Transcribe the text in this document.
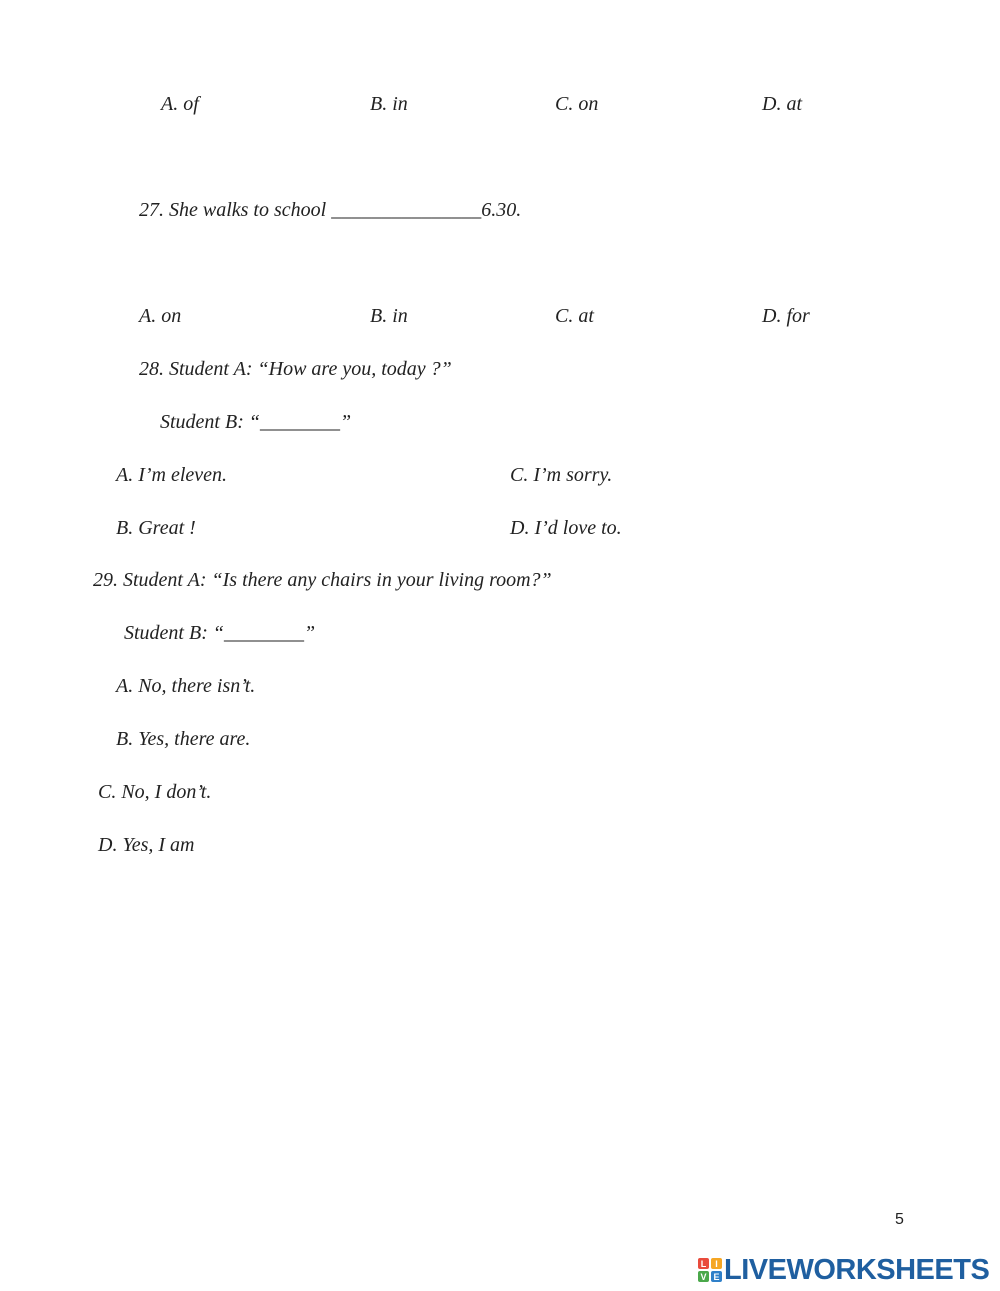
A. of	B. in	C. on	D. at
27. She walks to school _______________6.30.
A. on	B. in	C. at	D. for
28. Student A: “How are you, today ?”
Student B: “________”
A. I’m eleven.	C. I’m sorry.
B. Great !	D. I’d love to.
29. Student A: “Is there any chairs in your living room?”
Student B: “________”
A. No, there isn’t.
B. Yes, there are.
C. No, I don’t.
D. Yes, I am
5
L I
V E LIVEWORKSHEETS
